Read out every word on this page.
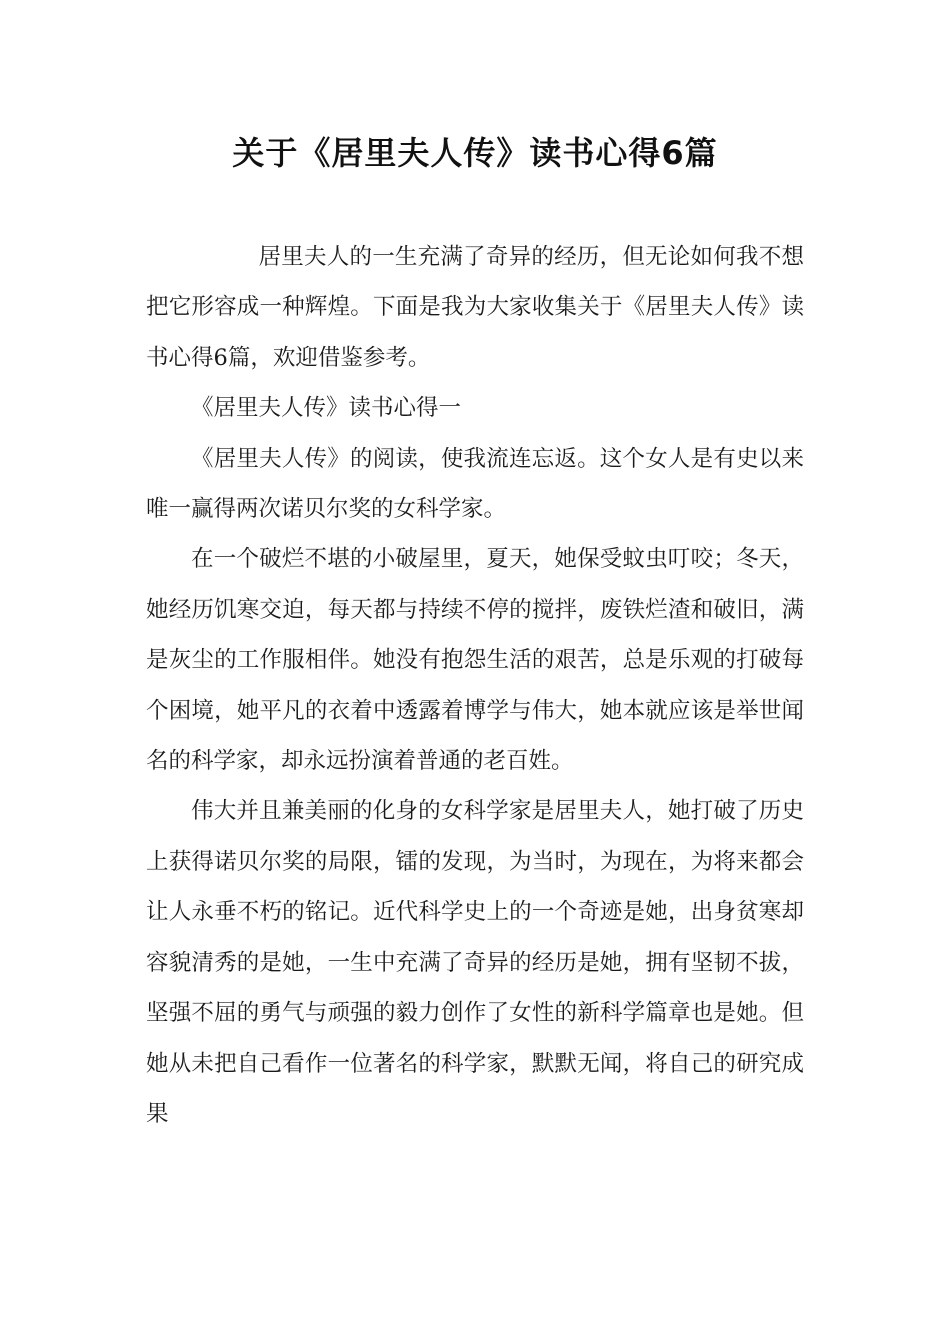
关于《居里夫人传》读书心得6篇

居里夫人的一生充满了奇异的经历，但无论如何我不想把它形容成一种辉煌。下面是我为大家收集关于《居里夫人传》读书心得6篇，欢迎借鉴参考。

《居里夫人传》读书心得一

《居里夫人传》的阅读，使我流连忘返。这个女人是有史以来唯一赢得两次诺贝尔奖的女科学家。

在一个破烂不堪的小破屋里，夏天，她保受蚊虫叮咬；冬天，她经历饥寒交迫，每天都与持续不停的搅拌，废铁烂渣和破旧，满是灰尘的工作服相伴。她没有抱怨生活的艰苦，总是乐观的打破每个困境，她平凡的衣着中透露着博学与伟大，她本就应该是举世闻名的科学家，却永远扮演着普通的老百姓。

伟大并且兼美丽的化身的女科学家是居里夫人，她打破了历史上获得诺贝尔奖的局限，镭的发现，为当时，为现在，为将来都会让人永垂不朽的铭记。近代科学史上的一个奇迹是她，出身贫寒却容貌清秀的是她，一生中充满了奇异的经历是她，拥有坚韧不拔，坚强不屈的勇气与顽强的毅力创作了女性的新科学篇章也是她。但她从未把自己看作一位著名的科学家，默默无闻，将自己的研究成果
